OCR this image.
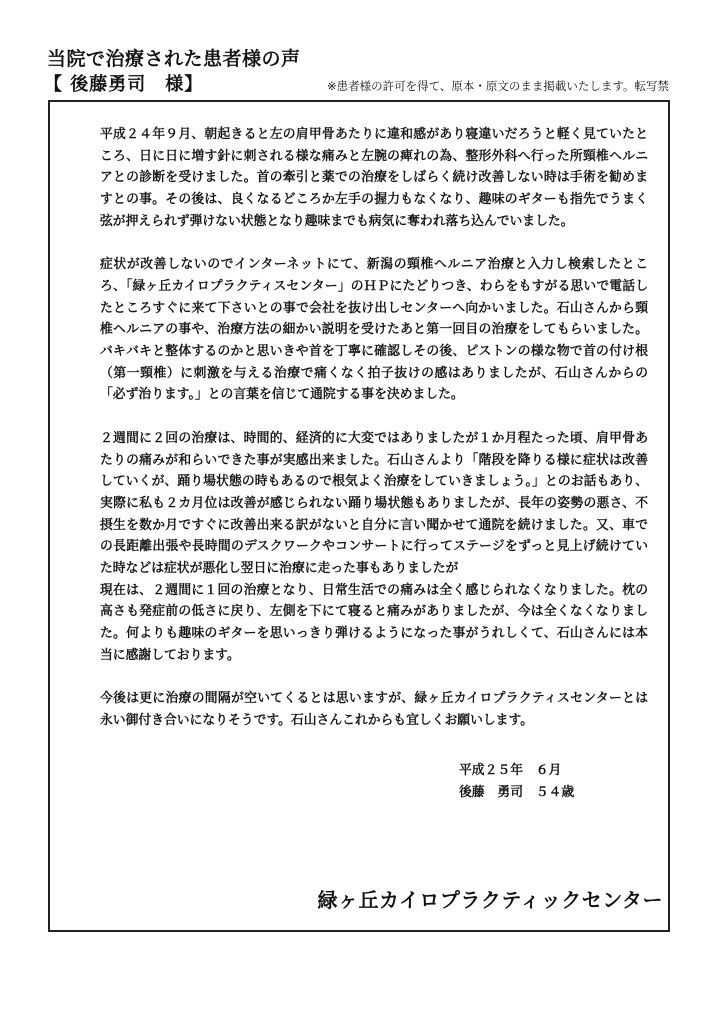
当院で治療された患者様の声
【 後藤勇司　様】	※患者様の許可を得て、原本・原文のまま掲載いたします。転写禁

平成２４年９月、朝起きると左の肩甲骨あたりに違和感があり寝違いだろうと軽く見ていたところ、日に日に増す針に刺される様な痛みと左腕の痺れの為、整形外科へ行った所頸椎ヘルニアとの診断を受けました。首の牽引と薬での治療をしばらく続け改善しない時は手術を勧めますとの事。その後は、良くなるどころか左手の握力もなくなり、趣味のギターも指先でうまく弦が押えられず弾けない状態となり趣味までも病気に奪われ落ち込んでいました。

症状が改善しないのでインターネットにて、新潟の頸椎ヘルニア治療と入力し検索したところ、「緑ヶ丘カイロプラクティスセンター」のＨＰにたどりつき、わらをもすがる思いで電話したところすぐに来て下さいとの事で会社を抜け出しセンターへ向かいました。石山さんから頸椎ヘルニアの事や、治療方法の細かい説明を受けたあと第一回目の治療をしてもらいました。バキバキと整体するのかと思いきや首を丁寧に確認しその後、ピストンの様な物で首の付け根（第一頸椎）に刺激を与える治療で痛くなく拍子抜けの感はありましたが、石山さんからの「必ず治ります。」との言葉を信じて通院する事を決めました。

２週間に２回の治療は、時間的、経済的に大変ではありましたが１か月程たった頃、肩甲骨あたりの痛みが和らいできた事が実感出来ました。石山さんより「階段を降りる様に症状は改善していくが、踊り場状態の時もあるので根気よく治療をしていきましょう。」とのお話もあり、実際に私も２カ月位は改善が感じられない踊り場状態もありましたが、長年の姿勢の悪さ、不摂生を数か月ですぐに改善出来る訳がないと自分に言い聞かせて通院を続けました。又、車での長距離出張や長時間のデスクワークやコンサートに行ってステージをずっと見上げ続けていた時などは症状が悪化し翌日に治療に走った事もありましたが

現在は、２週間に１回の治療となり、日常生活での痛みは全く感じられなくなりました。枕の高さも発症前の低さに戻り、左側を下にて寝ると痛みがありましたが、今は全くなくなりました。何よりも趣味のギターを思いっきり弾けるようになった事がうれしくて、石山さんには本当に感謝しております。

今後は更に治療の間隔が空いてくるとは思いますが、緑ヶ丘カイロプラクティスセンターとは永い御付き合いになりそうです。石山さんこれからも宜しくお願いします。

平成２５年　６月
後藤　勇司　５４歳
緑ヶ丘カイロプラクティックセンター
